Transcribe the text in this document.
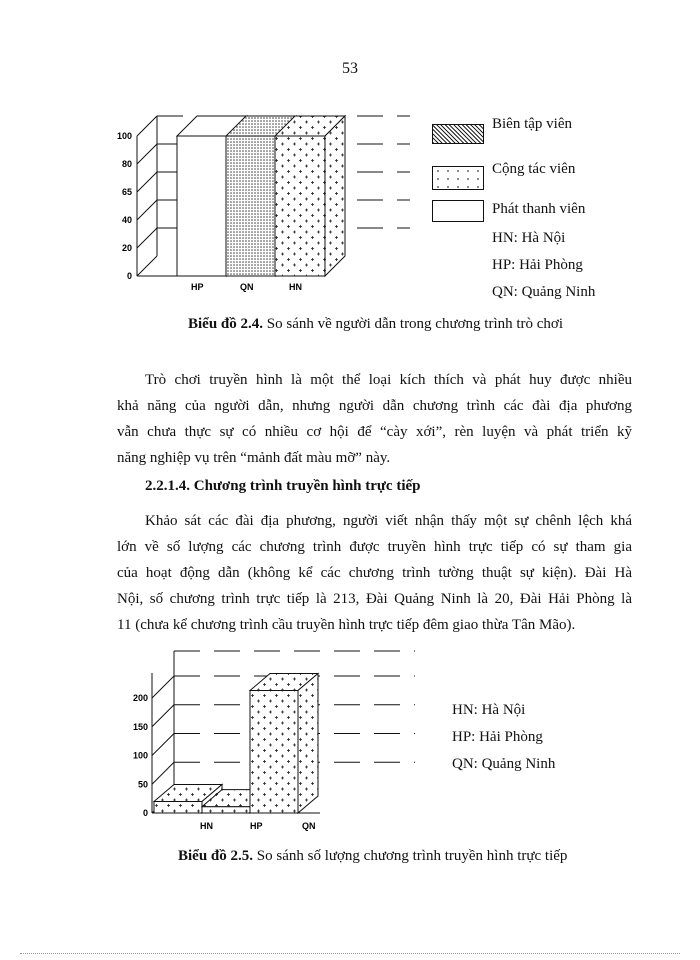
53
0
20
40
65
80
100
HP	QN	HN
Biên tập viên
Cộng tác viên
Phát thanh viên
HN: Hà Nội
HP: Hải Phòng
QN: Quảng Ninh
Biểu đồ 2.4. So sánh về người dẫn trong chương trình trò chơi
Trò chơi truyền hình là một thể loại kích thích và phát huy được nhiều
khả năng của người dẫn, nhưng người dẫn chương trình các đài địa phương
vẫn chưa thực sự có nhiều cơ hội để “cày xới”, rèn luyện và phát triển kỹ
năng nghiệp vụ trên “mảnh đất màu mỡ” này.
2.2.1.4. Chương trình truyền hình trực tiếp
Khảo sát các đài địa phương, người viết nhận thấy một sự chênh lệch khá
lớn về số lượng các chương trình được truyền hình trực tiếp có sự tham gia
của hoạt động dẫn (không kể các chương trình tường thuật sự kiện). Đài Hà
Nội, số chương trình trực tiếp là 213, Đài Quảng Ninh là 20, Đài Hải Phòng là
11 (chưa kể chương trình cầu truyền hình trực tiếp đêm giao thừa Tân Mão).
0
50
100
150
200
HN	HP	QN
HN: Hà Nội
HP: Hải Phòng
QN: Quảng Ninh
Biểu đồ 2.5. So sánh số lượng chương trình truyền hình trực tiếp
